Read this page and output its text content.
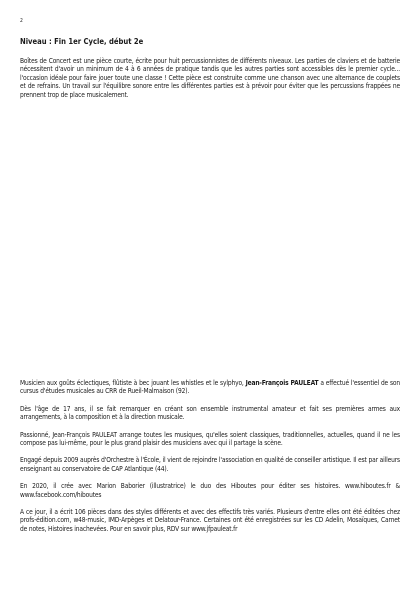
2
Niveau : Fin 1er Cycle, début 2e

Boîtes de Concert est une pièce courte, écrite pour huit percussionnistes de différents niveaux. Les parties de claviers et de batterie nécessitent d'avoir un minimum de 4 à 6 années de pratique tandis que les autres parties sont accessibles dès le premier cycle... l'occasion idéale pour faire jouer toute une classe ! Cette pièce est construite comme une chanson avec une alternance de couplets et de refrains. Un travail sur l'équilibre sonore entre les différentes parties est à prévoir pour éviter que les percussions frappées ne prennent trop de place musicalement.

Musicien aux goûts éclectiques, flûtiste à bec jouant les whistles et le sylphyo, Jean-François PAULEAT a effectué l'essentiel de son cursus d'études musicales au CRR de Rueil-Malmaison (92).

Dès l'âge de 17 ans, il se fait remarquer en créant son ensemble instrumental amateur et fait ses premières armes aux arrangements, à la composition et à la direction musicale.

Passionné, Jean-François PAULEAT arrange toutes les musiques, qu'elles soient classiques, traditionnelles, actuelles, quand il ne les compose pas lui-même, pour le plus grand plaisir des musiciens avec qui il partage la scène.

Engagé depuis 2009 auprès d'Orchestre à l'École, il vient de rejoindre l'association en qualité de conseiller artistique. Il est par ailleurs enseignant au conservatoire de CAP Atlantique (44).

En 2020, il crée avec Marion Baborier (illustratrice) le duo des Hiboutes pour éditer ses histoires. www.hiboutes.fr & www.facebook.com/hiboutes

A ce jour, il a écrit 106 pièces dans des styles différents et avec des effectifs très variés. Plusieurs d'entre elles ont été éditées chez profs-édition.com, w48-music, IMD-Arpèges et Delatour-France. Certaines ont été enregistrées sur les CD Adelin, Mosaïques, Carnet de notes, Histoires inachevées. Pour en savoir plus, RDV sur www.jfpauleat.fr
